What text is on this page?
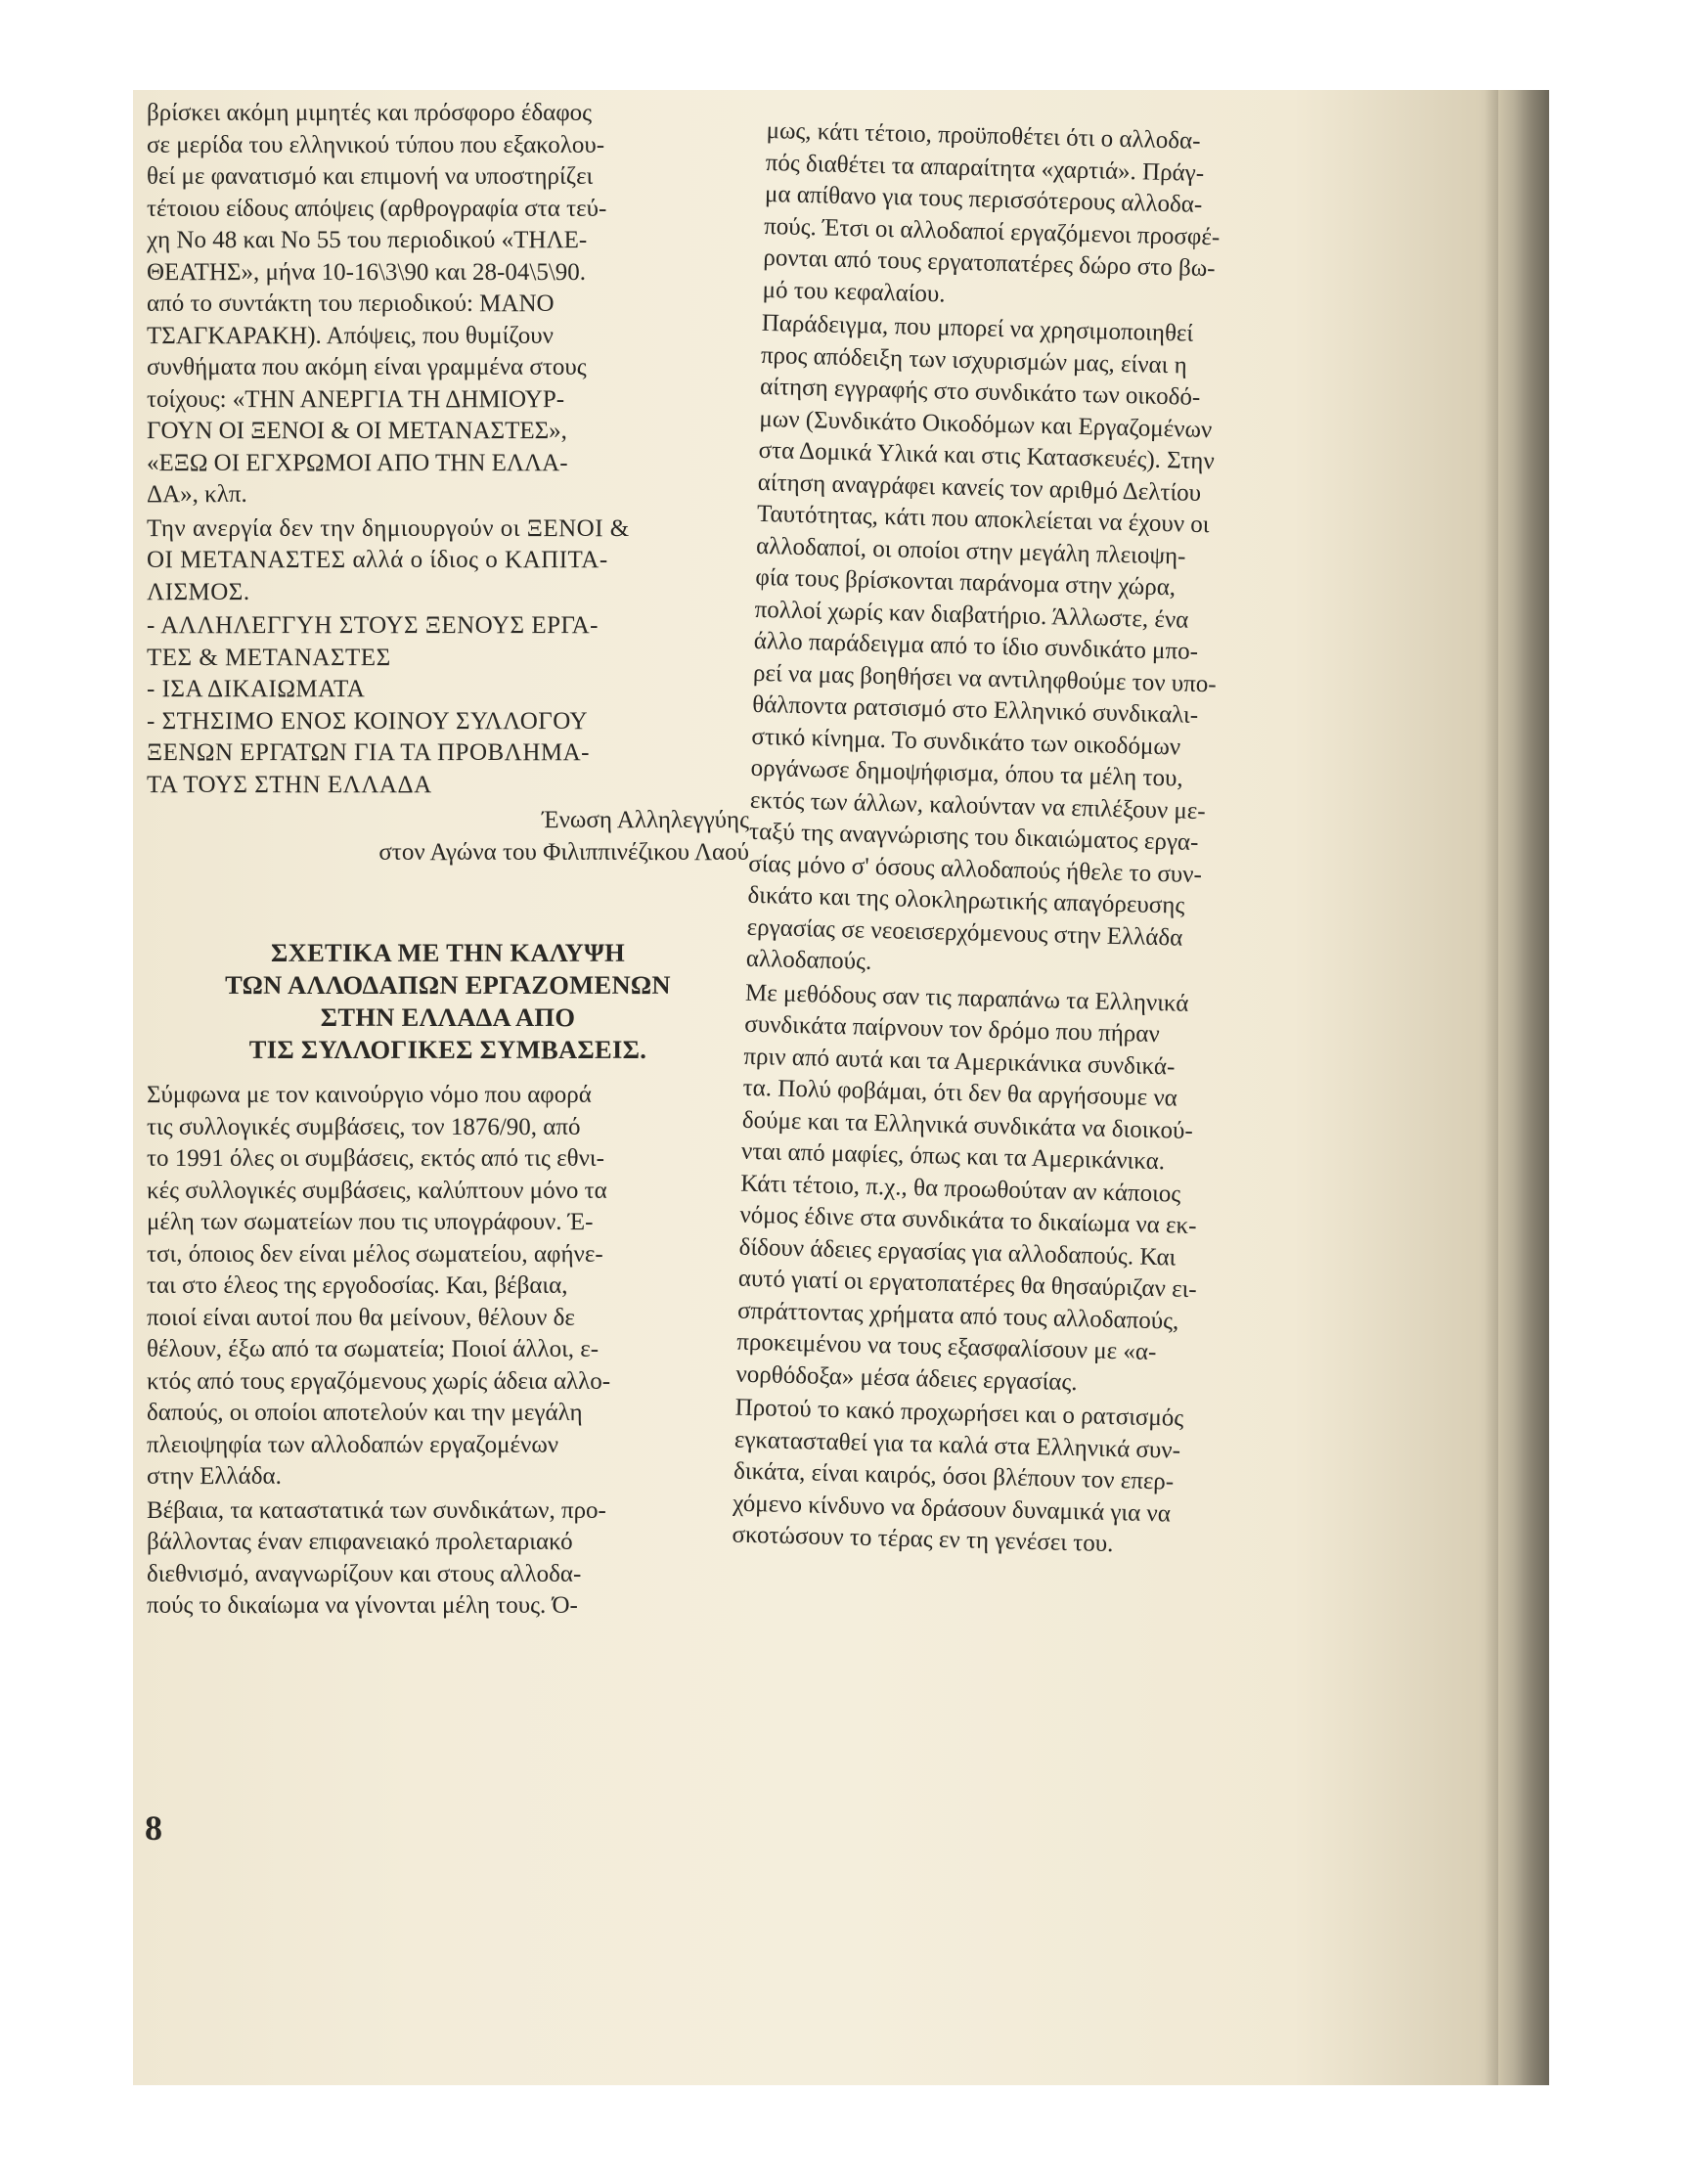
βρίσκει ακόμη μιμητές και πρόσφορο έδαφος
σε μερίδα του ελληνικού τύπου που εξακολου-
θεί με φανατισμό και επιμονή να υποστηρίζει
τέτοιου είδους απόψεις (αρθρογραφία στα τεύ-
χη Νο 48 και Νο 55 του περιοδικού «ΤΗΛΕ-
ΘΕΑΤΗΣ», μήνα 10-16\3\90 και 28-04\5\90.
από το συντάκτη του περιοδικού: ΜΑΝΟ
ΤΣΑΓΚΑΡΑΚΗ). Απόψεις, που θυμίζουν
συνθήματα που ακόμη είναι γραμμένα στους
τοίχους: «ΤΗΝ ΑΝΕΡΓΙΑ ΤΗ ΔΗΜΙΟΥΡ-
ΓΟΥΝ ΟΙ ΞΕΝΟΙ & ΟΙ ΜΕΤΑΝΑΣΤΕΣ»,
«ΕΞΩ ΟΙ ΕΓΧΡΩΜΟΙ ΑΠΟ ΤΗΝ ΕΛΛΑ-
ΔΑ», κλπ.

Την ανεργία δεν την δημιουργούν οι ΞΕΝΟΙ &
ΟΙ ΜΕΤΑΝΑΣΤΕΣ αλλά ο ίδιος ο ΚΑΠΙΤΑ-
ΛΙΣΜΟΣ.

- ΑΛΛΗΛΕΓΓΥΗ ΣΤΟΥΣ ΞΕΝΟΥΣ ΕΡΓΑ-
ΤΕΣ & ΜΕΤΑΝΑΣΤΕΣ
- ΙΣΑ ΔΙΚΑΙΩΜΑΤΑ
- ΣΤΗΣΙΜΟ ΕΝΟΣ ΚΟΙΝΟΥ ΣΥΛΛΟΓΟΥ
ΞΕΝΩΝ ΕΡΓΑΤΩΝ ΓΙΑ ΤΑ ΠΡΟΒΛΗΜΑ-
ΤΑ ΤΟΥΣ ΣΤΗΝ ΕΛΛΑΔΑ

Ένωση Αλληλεγγύης
στον Αγώνα του Φιλιππινέζικου Λαού
ΣΧΕΤΙΚΑ ΜΕ ΤΗΝ ΚΑΛΥΨΗ
ΤΩΝ ΑΛΛΟΔΑΠΩΝ ΕΡΓΑΖΟΜΕΝΩΝ
ΣΤΗΝ ΕΛΛΑΔΑ ΑΠΟ
ΤΙΣ ΣΥΛΛΟΓΙΚΕΣ ΣΥΜΒΑΣΕΙΣ.

Σύμφωνα με τον καινούργιο νόμο που αφορά
τις συλλογικές συμβάσεις, τον 1876/90, από
το 1991 όλες οι συμβάσεις, εκτός από τις εθνι-
κές συλλογικές συμβάσεις, καλύπτουν μόνο τα
μέλη των σωματείων που τις υπογράφουν. Έ-
τσι, όποιος δεν είναι μέλος σωματείου, αφήνε-
ται στο έλεος της εργοδοσίας. Και, βέβαια,
ποιοί είναι αυτοί που θα μείνουν, θέλουν δε
θέλουν, έξω από τα σωματεία; Ποιοί άλλοι, ε-
κτός από τους εργαζόμενους χωρίς άδεια αλλο-
δαπούς, οι οποίοι αποτελούν και την μεγάλη
πλειοψηφία των αλλοδαπών εργαζομένων
στην Ελλάδα.

Βέβαια, τα καταστατικά των συνδικάτων, προ-
βάλλοντας έναν επιφανειακό προλεταριακό
διεθνισμό, αναγνωρίζουν και στους αλλοδα-
πούς το δικαίωμα να γίνονται μέλη τους. Ό-

μως, κάτι τέτοιο, προϋποθέτει ότι ο αλλοδα-
πός διαθέτει τα απαραίτητα «χαρτιά». Πράγ-
μα απίθανο για τους περισσότερους αλλοδα-
πούς. Έτσι οι αλλοδαποί εργαζόμενοι προσφέ-
ρονται από τους εργατοπατέρες δώρο στο βω-
μό του κεφαλαίου.

Παράδειγμα, που μπορεί να χρησιμοποιηθεί
προς απόδειξη των ισχυρισμών μας, είναι η
αίτηση εγγραφής στο συνδικάτο των οικοδό-
μων (Συνδικάτο Οικοδόμων και Εργαζομένων
στα Δομικά Υλικά και στις Κατασκευές). Στην
αίτηση αναγράφει κανείς τον αριθμό Δελτίου
Ταυτότητας, κάτι που αποκλείεται να έχουν οι
αλλοδαποί, οι οποίοι στην μεγάλη πλειοψη-
φία τους βρίσκονται παράνομα στην χώρα,
πολλοί χωρίς καν διαβατήριο. Άλλωστε, ένα
άλλο παράδειγμα από το ίδιο συνδικάτο μπο-
ρεί να μας βοηθήσει να αντιληφθούμε τον υπο-
θάλποντα ρατσισμό στο Ελληνικό συνδικαλι-
στικό κίνημα. Το συνδικάτο των οικοδόμων
οργάνωσε δημοψήφισμα, όπου τα μέλη του,
εκτός των άλλων, καλούνταν να επιλέξουν με-
ταξύ της αναγνώρισης του δικαιώματος εργα-
σίας μόνο σ' όσους αλλοδαπούς ήθελε το συν-
δικάτο και της ολοκληρωτικής απαγόρευσης
εργασίας σε νεοεισερχόμενους στην Ελλάδα
αλλοδαπούς.

Με μεθόδους σαν τις παραπάνω τα Ελληνικά
συνδικάτα παίρνουν τον δρόμο που πήραν
πριν από αυτά και τα Αμερικάνικα συνδικά-
τα. Πολύ φοβάμαι, ότι δεν θα αργήσουμε να
δούμε και τα Ελληνικά συνδικάτα να διοικού-
νται από μαφίες, όπως και τα Αμερικάνικα.
Κάτι τέτοιο, π.χ., θα προωθούταν αν κάποιος
νόμος έδινε στα συνδικάτα το δικαίωμα να εκ-
δίδουν άδειες εργασίας για αλλοδαπούς. Και
αυτό γιατί οι εργατοπατέρες θα θησαύριζαν ει-
σπράττοντας χρήματα από τους αλλοδαπούς,
προκειμένου να τους εξασφαλίσουν με «α-
νορθόδοξα» μέσα άδειες εργασίας.

Προτού το κακό προχωρήσει και ο ρατσισμός
εγκατασταθεί για τα καλά στα Ελληνικά συν-
δικάτα, είναι καιρός, όσοι βλέπουν τον επερ-
χόμενο κίνδυνο να δράσουν δυναμικά για να
σκοτώσουν το τέρας εν τη γενέσει του.

8
